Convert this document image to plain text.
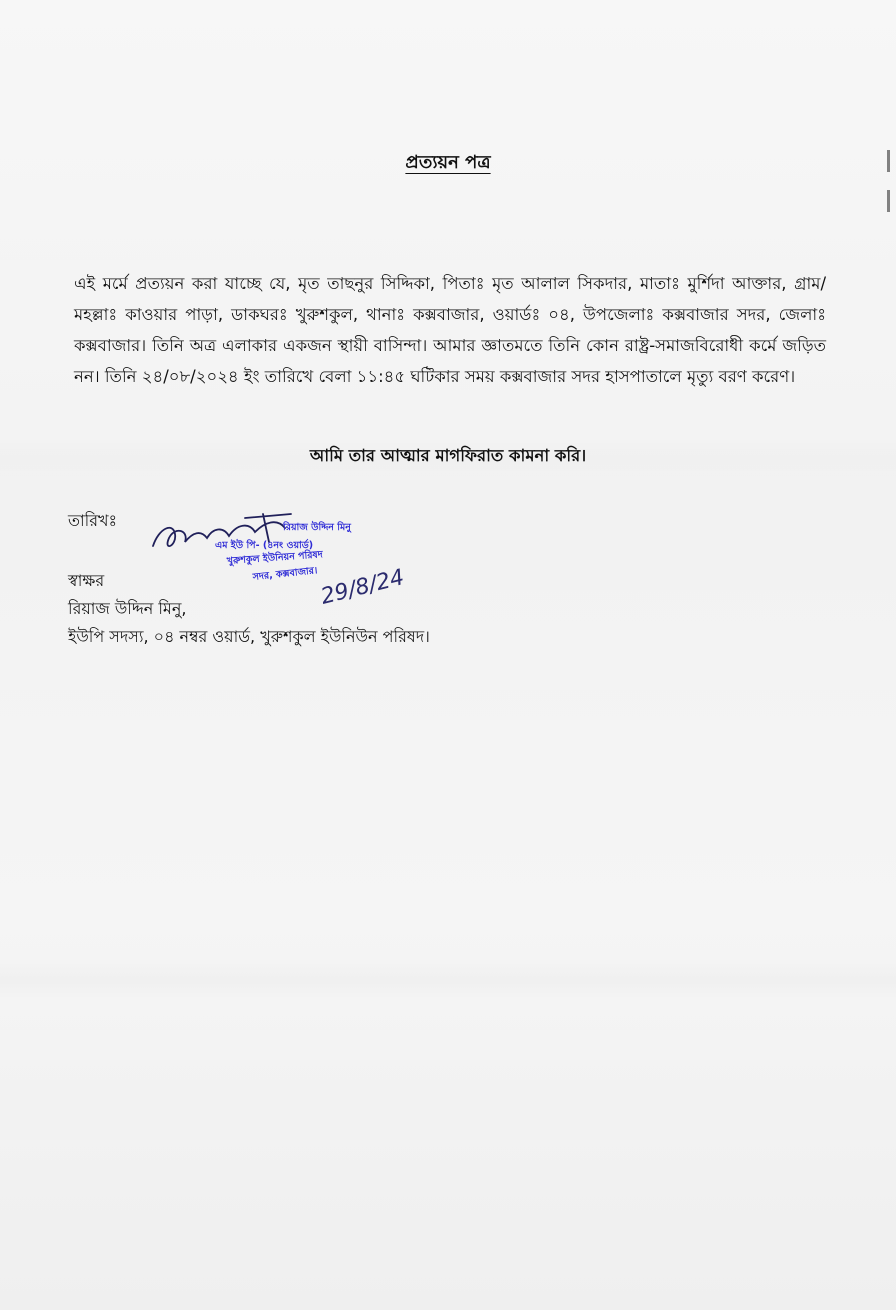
প্রত্যয়ন পত্র

এই মর্মে প্রত্যয়ন করা যাচ্ছে যে, মৃত তাছনুর সিদ্দিকা, পিতাঃ মৃত আলাল সিকদার, মাতাঃ মুর্শিদা আক্তার, গ্রাম/মহল্লাঃ কাওয়ার পাড়া, ডাকঘরঃ খুরুশকুল, থানাঃ কক্সবাজার, ওয়ার্ডঃ ০৪, উপজেলাঃ কক্সবাজার সদর, জেলাঃ কক্সবাজার। তিনি অত্র এলাকার একজন স্থায়ী বাসিন্দা। আমার জ্ঞাতমতে তিনি কোন রাষ্ট্র-সমাজবিরোধী কর্মে জড়িত নন। তিনি ২৪/০৮/২০২৪ ইং তারিখে বেলা ১১:৪৫ ঘটিকার সময় কক্সবাজার সদর হাসপাতালে মৃত্যু বরণ করেণ।

আমি তার আত্মার মাগফিরাত কামনা করি।
তারিখঃ	রিয়াজ উদ্দিন মিনু
এম ইউ পি- (৪নং ওয়ার্ড)
খুরুশকুল ইউনিয়ন পরিষদ
সদর, কক্সবাজার। 29/8/24
স্বাক্ষর
রিয়াজ উদ্দিন মিনু,
ইউপি সদস্য, ০৪ নম্বর ওয়ার্ড, খুরুশকুল ইউনিউন পরিষদ।
